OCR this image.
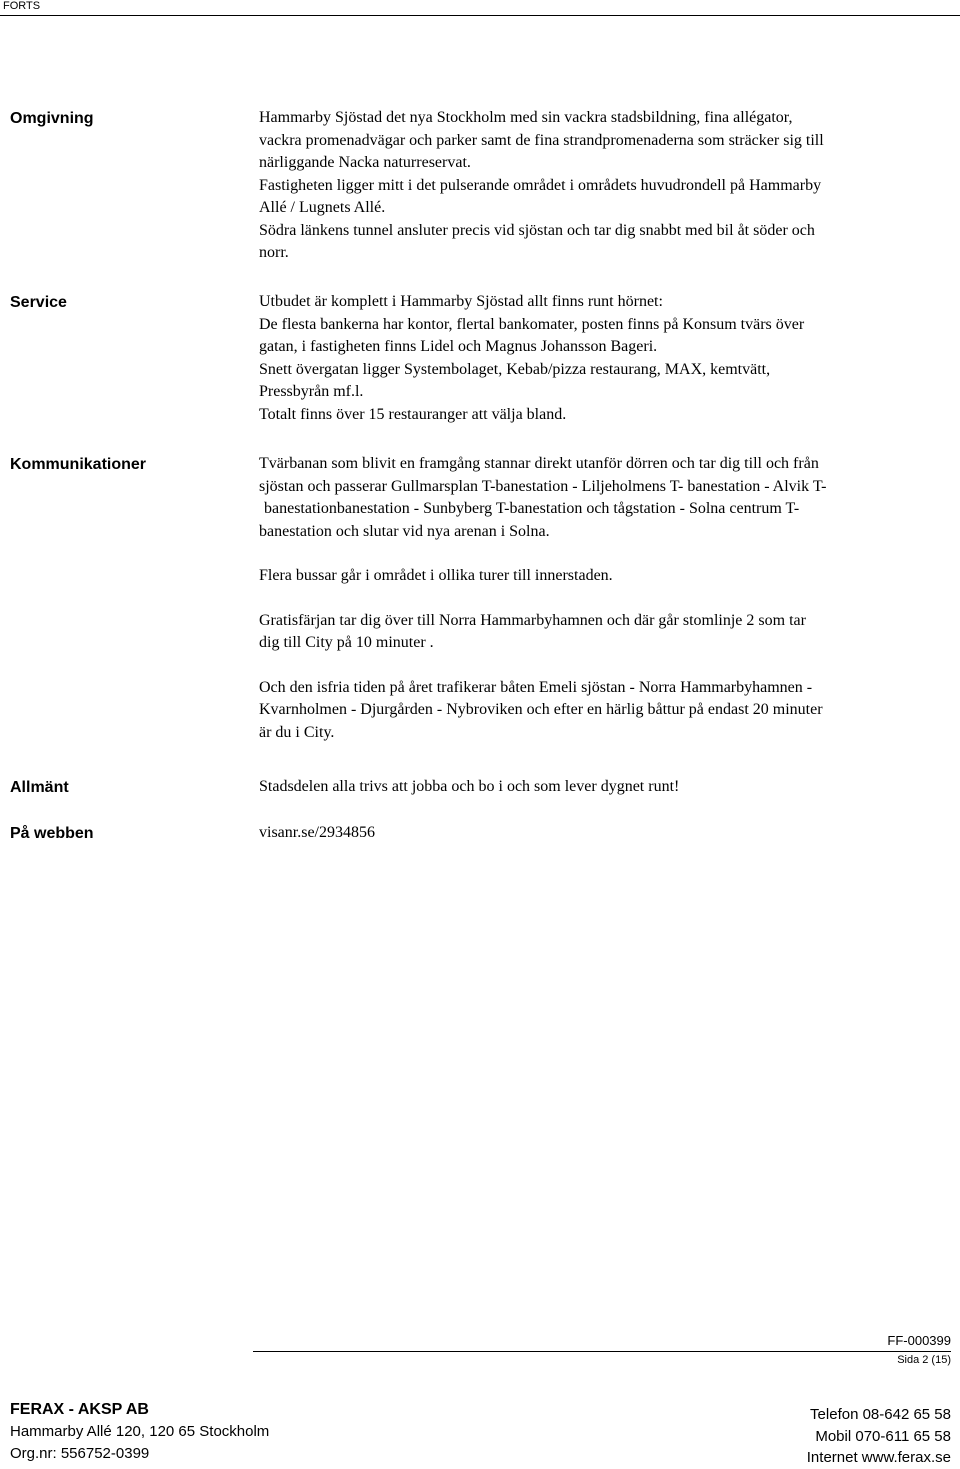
FORTS
Omgivning	Hammarby Sjöstad det nya Stockholm med sin vackra stadsbildning, fina allégator,

vackra promenadvägar och parker samt de fina strandpromenaderna som sträcker sig till

närliggande Nacka naturreservat.

Fastigheten ligger mitt i det pulserande området i områdets huvudrondell på Hammarby

Allé / Lugnets Allé.

Södra länkens tunnel ansluter precis vid sjöstan och tar dig snabbt med bil åt söder och

norr.

Service	Utbudet är komplett i Hammarby Sjöstad allt finns runt hörnet:

De flesta bankerna har kontor, flertal bankomater, posten finns på Konsum tvärs över

gatan, i fastigheten finns Lidel och Magnus Johansson Bageri.

Snett övergatan ligger Systembolaget, Kebab/pizza restaurang, MAX, kemtvätt,

Pressbyrån mf.l.

Totalt finns över 15 restauranger att välja bland.

Kommunikationer	Tvärbanan som blivit en framgång stannar direkt utanför dörren och tar dig till och från

sjöstan och passerar Gullmarsplan T-banestation - Liljeholmens T- banestation - Alvik T-

banestationbanestation - Sunbyberg T-banestation och tågstation - Solna centrum T-

banestation och slutar vid nya arenan i Solna.

Flera bussar går i området i ollika turer till innerstaden.

Gratisfärjan tar dig över till Norra Hammarbyhamnen och där går stomlinje 2 som tar

dig till City på 10 minuter .

Och den isfria tiden på året trafikerar båten Emeli sjöstan - Norra Hammarbyhamnen -

Kvarnholmen - Djurgården - Nybroviken och efter en härlig båttur på endast 20 minuter

är du i City.

Allmänt	Stadsdelen alla trivs att jobba och bo i och som lever dygnet runt!
På webben	visanr.se/2934856
FF-000399
Sida 2 (15)
FERAX - AKSP AB
Hammarby Allé 120, 120 65 Stockholm
Org.nr: 556752-0399
Telefon 08-642 65 58
Mobil 070-611 65 58
Internet www.ferax.se
